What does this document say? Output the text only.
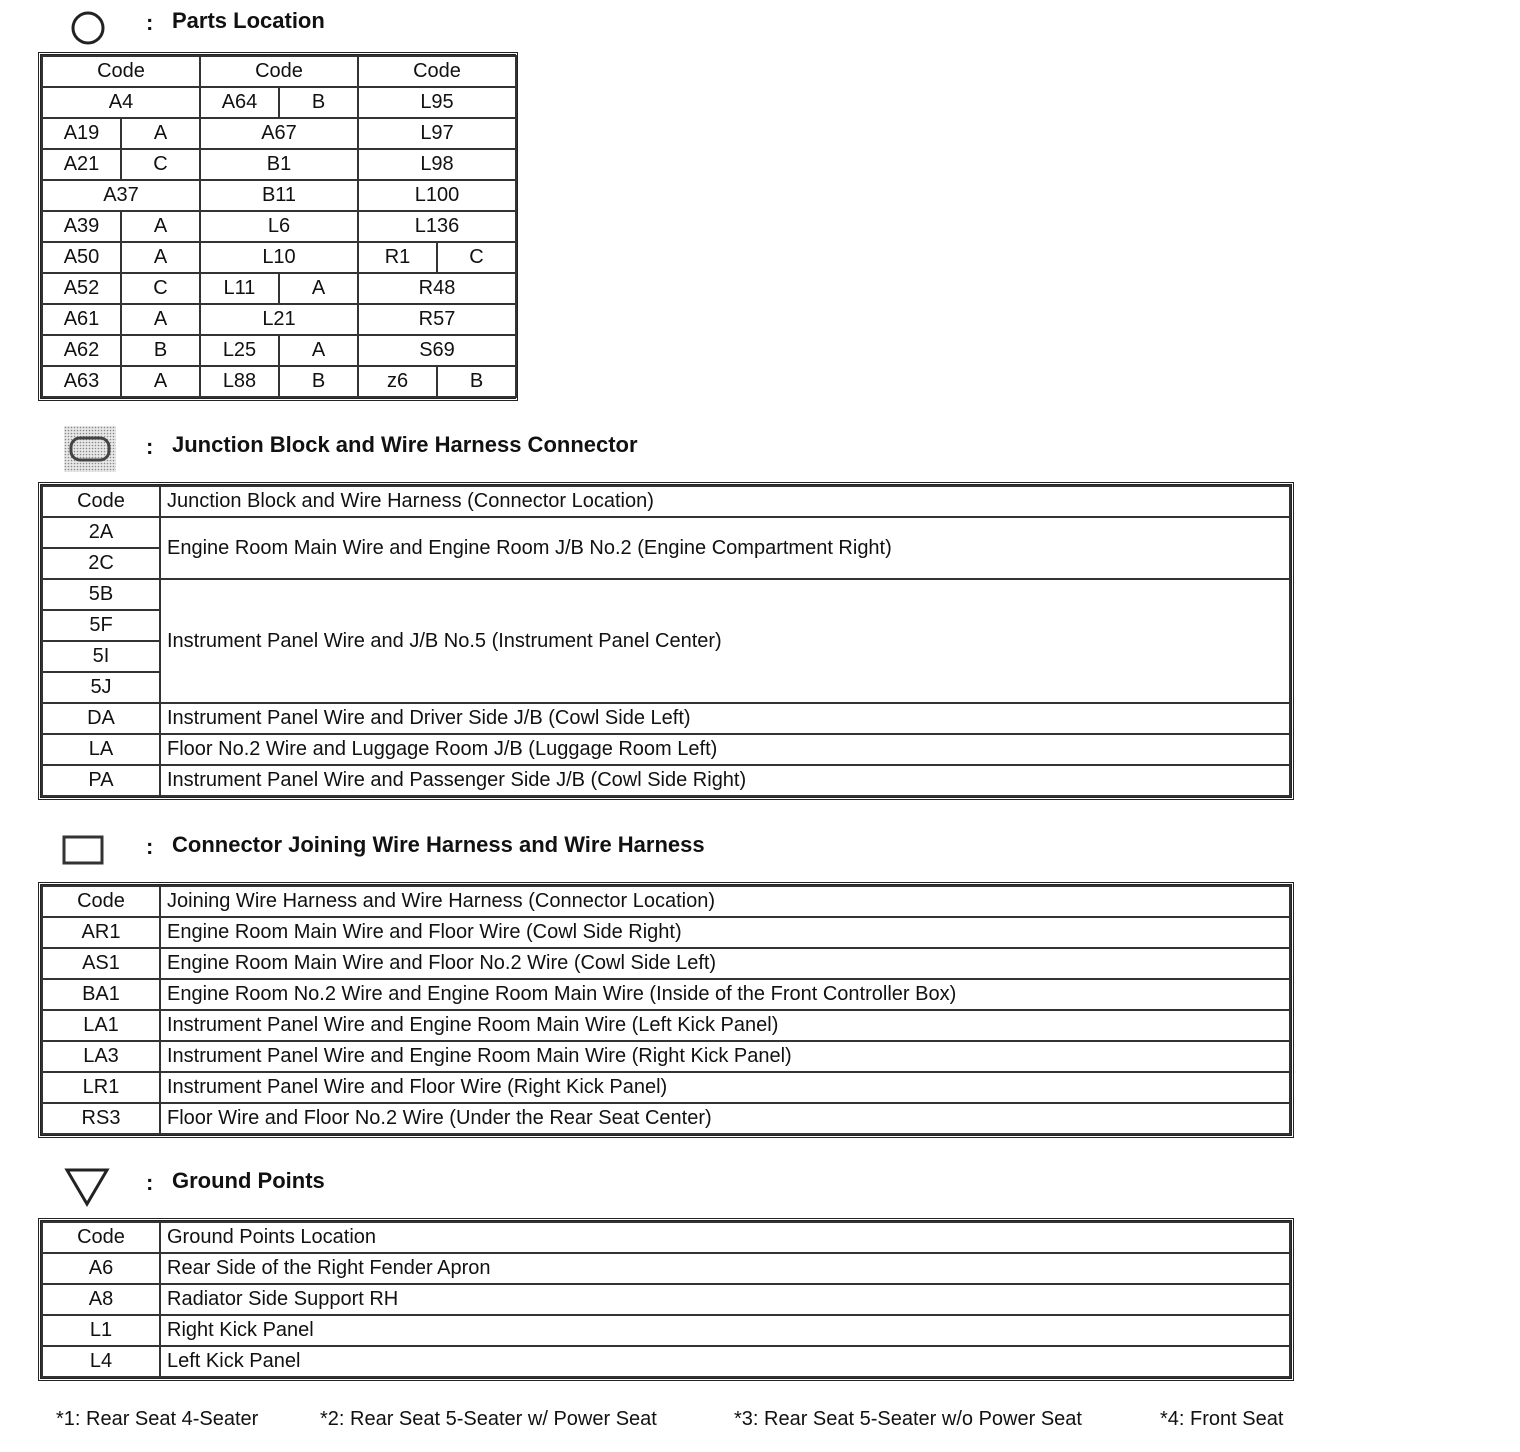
: Parts Location
Code		Code		Code	
A4		A64	B	L95	
A19	A	A67		L97	
A21	C	B1		L98	
A37		B11		L100	
A39	A	L6		L136	
A50	A	L10		R1	C
A52	C	L11	A	R48	
A61	A	L21		R57	
A62	B	L25	A	S69	
A63	A	L88	B	z6	B
: Junction Block and Wire Harness Connector
Code	Junction Block and Wire Harness (Connector Location)
2A	Engine Room Main Wire and Engine Room J/B No.2 (Engine Compartment Right)
2C	
5B	Instrument Panel Wire and J/B No.5 (Instrument Panel Center)
5F	
5I	
5J	
DA	Instrument Panel Wire and Driver Side J/B (Cowl Side Left)
LA	Floor No.2 Wire and Luggage Room J/B (Luggage Room Left)
PA	Instrument Panel Wire and Passenger Side J/B (Cowl Side Right)
: Connector Joining Wire Harness and Wire Harness
Code	Joining Wire Harness and Wire Harness (Connector Location)
AR1	Engine Room Main Wire and Floor Wire (Cowl Side Right)
AS1	Engine Room Main Wire and Floor No.2 Wire (Cowl Side Left)
BA1	Engine Room No.2 Wire and Engine Room Main Wire (Inside of the Front Controller Box)
LA1	Instrument Panel Wire and Engine Room Main Wire (Left Kick Panel)
LA3	Instrument Panel Wire and Engine Room Main Wire (Right Kick Panel)
LR1	Instrument Panel Wire and Floor Wire (Right Kick Panel)
RS3	Floor Wire and Floor No.2 Wire (Under the Rear Seat Center)
: Ground Points
Code	Ground Points Location
A6	Rear Side of the Right Fender Apron
A8	Radiator Side Support RH
L1	Right Kick Panel
L4	Left Kick Panel
*1: Rear Seat 4-Seater	*2: Rear Seat 5-Seater w/ Power Seat	*3: Rear Seat 5-Seater w/o Power Seat	*4: Front Seat
